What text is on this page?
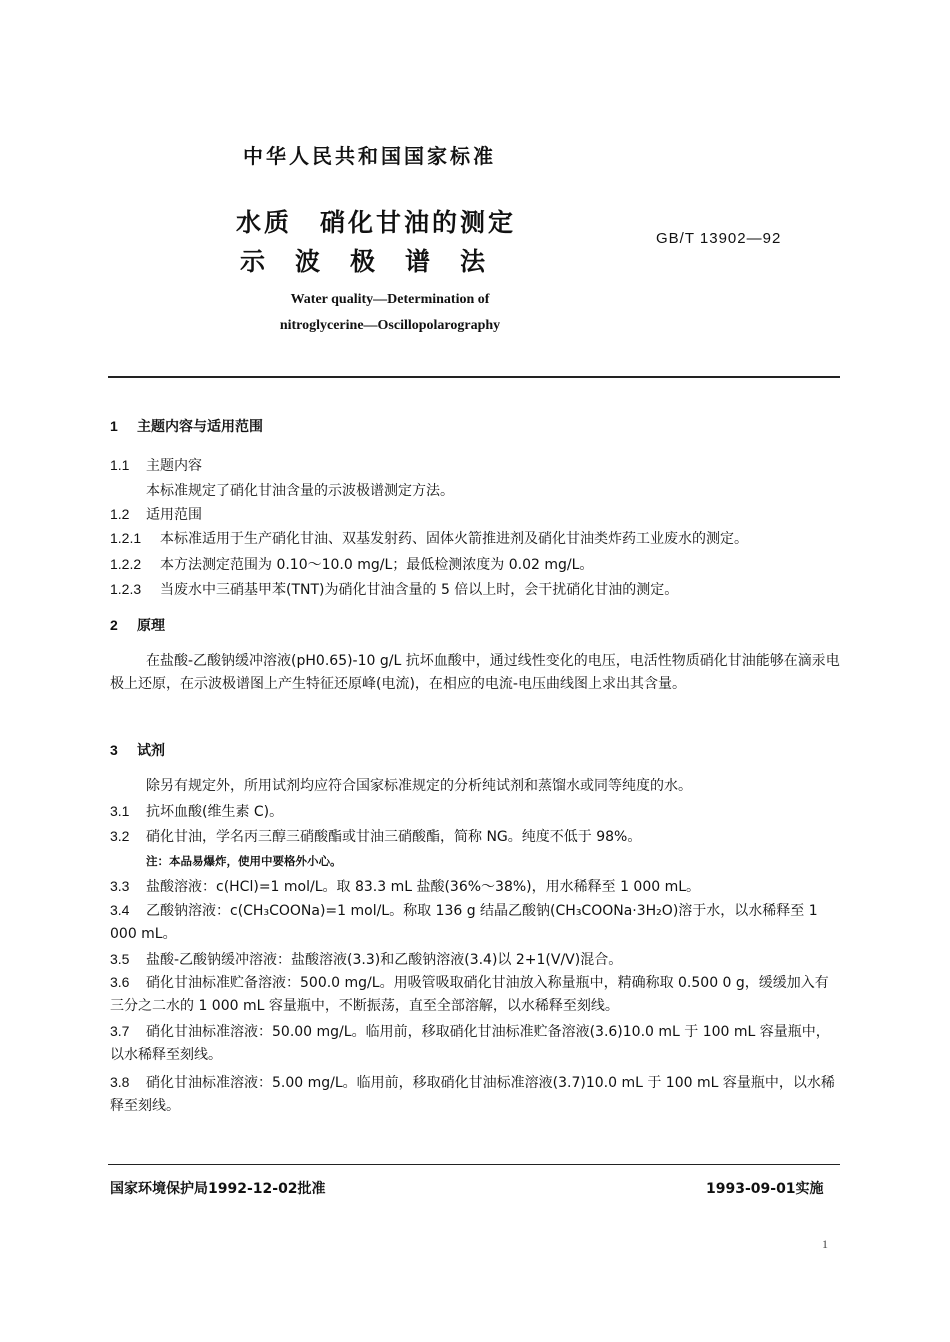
中华人民共和国国家标准
水质　硝化甘油的测定
示波极谱法
GB/T 13902—92
Water quality—Determination of
nitroglycerine—Oscillopolarography
1 主题内容与适用范围
1.1 主题内容
本标准规定了硝化甘油含量的示波极谱测定方法。
1.2 适用范围
1.2.1 本标准适用于生产硝化甘油、双基发射药、固体火箭推进剂及硝化甘油类炸药工业废水的测定。
1.2.2 本方法测定范围为 0.10～10.0 mg/L；最低检测浓度为 0.02 mg/L。
1.2.3 当废水中三硝基甲苯(TNT)为硝化甘油含量的 5 倍以上时，会干扰硝化甘油的测定。
2 原理
在盐酸-乙酸钠缓冲溶液(pH0.65)-10 g/L 抗坏血酸中，通过线性变化的电压，电活性物质硝化甘油能够在滴汞电极上还原，在示波极谱图上产生特征还原峰(电流)，在相应的电流-电压曲线图上求出其含量。
3 试剂
除另有规定外，所用试剂均应符合国家标准规定的分析纯试剂和蒸馏水或同等纯度的水。
3.1 抗坏血酸(维生素 C)。
3.2 硝化甘油，学名丙三醇三硝酸酯或甘油三硝酸酯，简称 NG。纯度不低于 98%。
注：本品易爆炸，使用中要格外小心。
3.3 盐酸溶液：c(HCl)=1 mol/L。取 83.3 mL 盐酸(36%～38%)，用水稀释至 1 000 mL。
3.4 乙酸钠溶液：c(CH₃COONa)=1 mol/L。称取 136 g 结晶乙酸钠(CH₃COONa·3H₂O)溶于水，以水稀释至 1 000 mL。
3.5 盐酸-乙酸钠缓冲溶液：盐酸溶液(3.3)和乙酸钠溶液(3.4)以 2+1(V/V)混合。
3.6 硝化甘油标准贮备溶液：500.0 mg/L。用吸管吸取硝化甘油放入称量瓶中，精确称取 0.500 0 g，缓缓加入有三分之二水的 1 000 mL 容量瓶中，不断振荡，直至全部溶解，以水稀释至刻线。
3.7 硝化甘油标准溶液：50.00 mg/L。临用前，移取硝化甘油标准贮备溶液(3.6)10.0 mL 于 100 mL 容量瓶中，以水稀释至刻线。
3.8 硝化甘油标准溶液：5.00 mg/L。临用前，移取硝化甘油标准溶液(3.7)10.0 mL 于 100 mL 容量瓶中，以水稀释至刻线。
国家环境保护局1992-12-02批准	1993-09-01实施
1
